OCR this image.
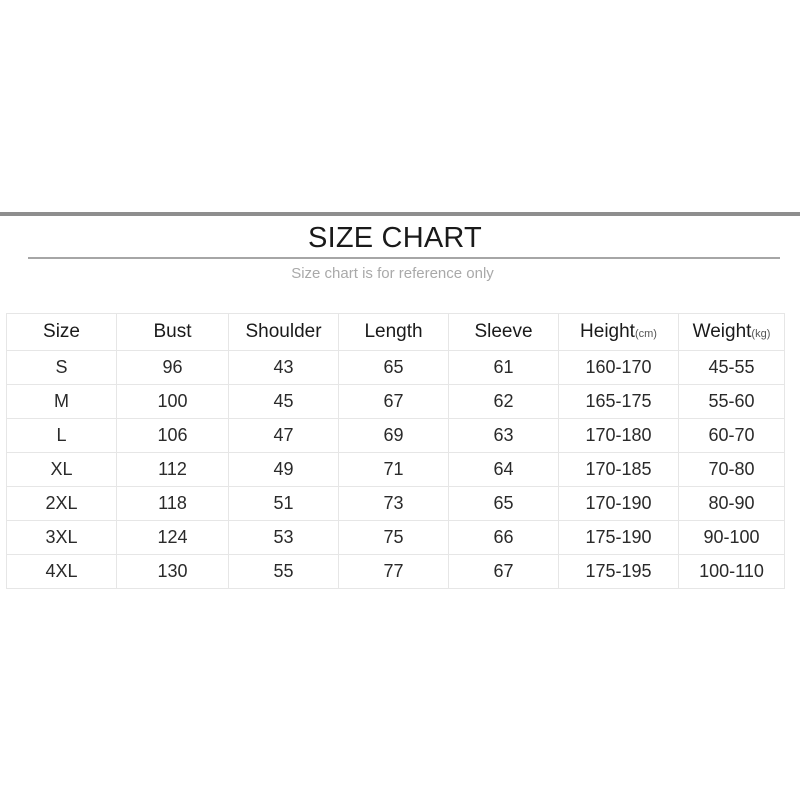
SIZE CHART
Size chart is for reference only
Size	Bust	Shoulder	Length	Sleeve	Height(cm)	Weight(kg)
S	96	43	65	61	160-170	45-55
M	100	45	67	62	165-175	55-60
L	106	47	69	63	170-180	60-70
XL	112	49	71	64	170-185	70-80
2XL	118	51	73	65	170-190	80-90
3XL	124	53	75	66	175-190	90-100
4XL	130	55	77	67	175-195	100-110
